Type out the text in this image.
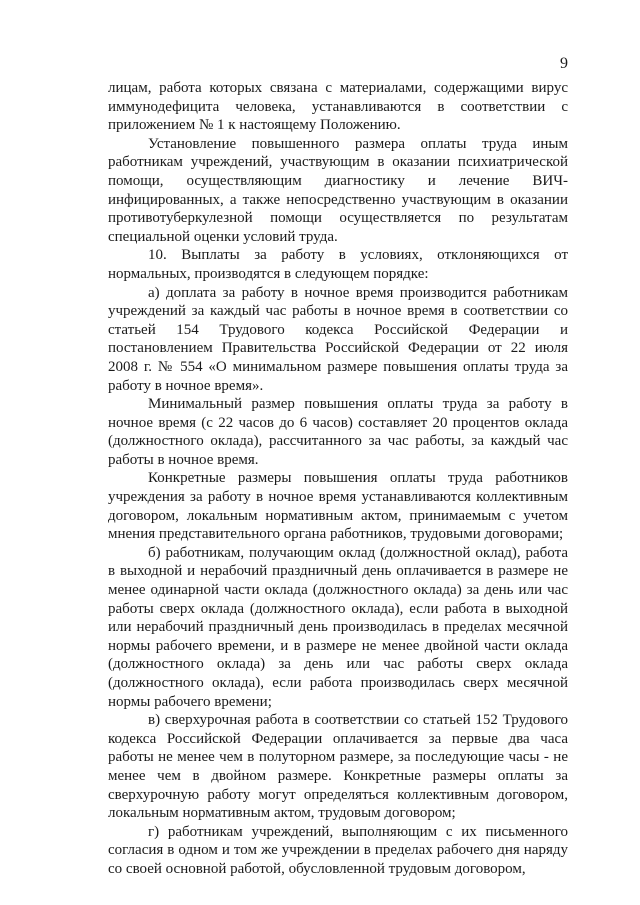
9

лицам, работа которых связана с материалами, содержащими вирус иммунодефицита человека, устанавливаются в соответствии с приложением № 1 к настоящему Положению.

Установление повышенного размера оплаты труда иным работникам учреждений, участвующим в оказании психиатрической помощи, осуществляющим диагностику и лечение ВИЧ-инфицированных, а также непосредственно участвующим в оказании противотуберкулезной помощи осуществляется по результатам специальной оценки условий труда.

10. Выплаты за работу в условиях, отклоняющихся от нормальных, производятся в следующем порядке:

а) доплата за работу в ночное время производится работникам учреждений за каждый час работы в ночное время в соответствии со статьей 154 Трудового кодекса Российской Федерации и постановлением Правительства Российской Федерации от 22 июля 2008 г. № 554 «О минимальном размере повышения оплаты труда за работу в ночное время».

Минимальный размер повышения оплаты труда за работу в ночное время (с 22 часов до 6 часов) составляет 20 процентов оклада (должностного оклада), рассчитанного за час работы, за каждый час работы в ночное время.

Конкретные размеры повышения оплаты труда работников учреждения за работу в ночное время устанавливаются коллективным договором, локальным нормативным актом, принимаемым с учетом мнения представительного органа работников, трудовыми договорами;

б) работникам, получающим оклад (должностной оклад), работа в выходной и нерабочий праздничный день оплачивается в размере не менее одинарной части оклада (должностного оклада) за день или час работы сверх оклада (должностного оклада), если работа в выходной или нерабочий праздничный день производилась в пределах месячной нормы рабочего времени, и в размере не менее двойной части оклада (должностного оклада) за день или час работы сверх оклада (должностного оклада), если работа производилась сверх месячной нормы рабочего времени;

в) сверхурочная работа в соответствии со статьей 152 Трудового кодекса Российской Федерации оплачивается за первые два часа работы не менее чем в полуторном размере, за последующие часы - не менее чем в двойном размере. Конкретные размеры оплаты за сверхурочную работу могут определяться коллективным договором, локальным нормативным актом, трудовым договором;

г) работникам учреждений, выполняющим с их письменного согласия в одном и том же учреждении в пределах рабочего дня наряду со своей основной работой, обусловленной трудовым договором,
